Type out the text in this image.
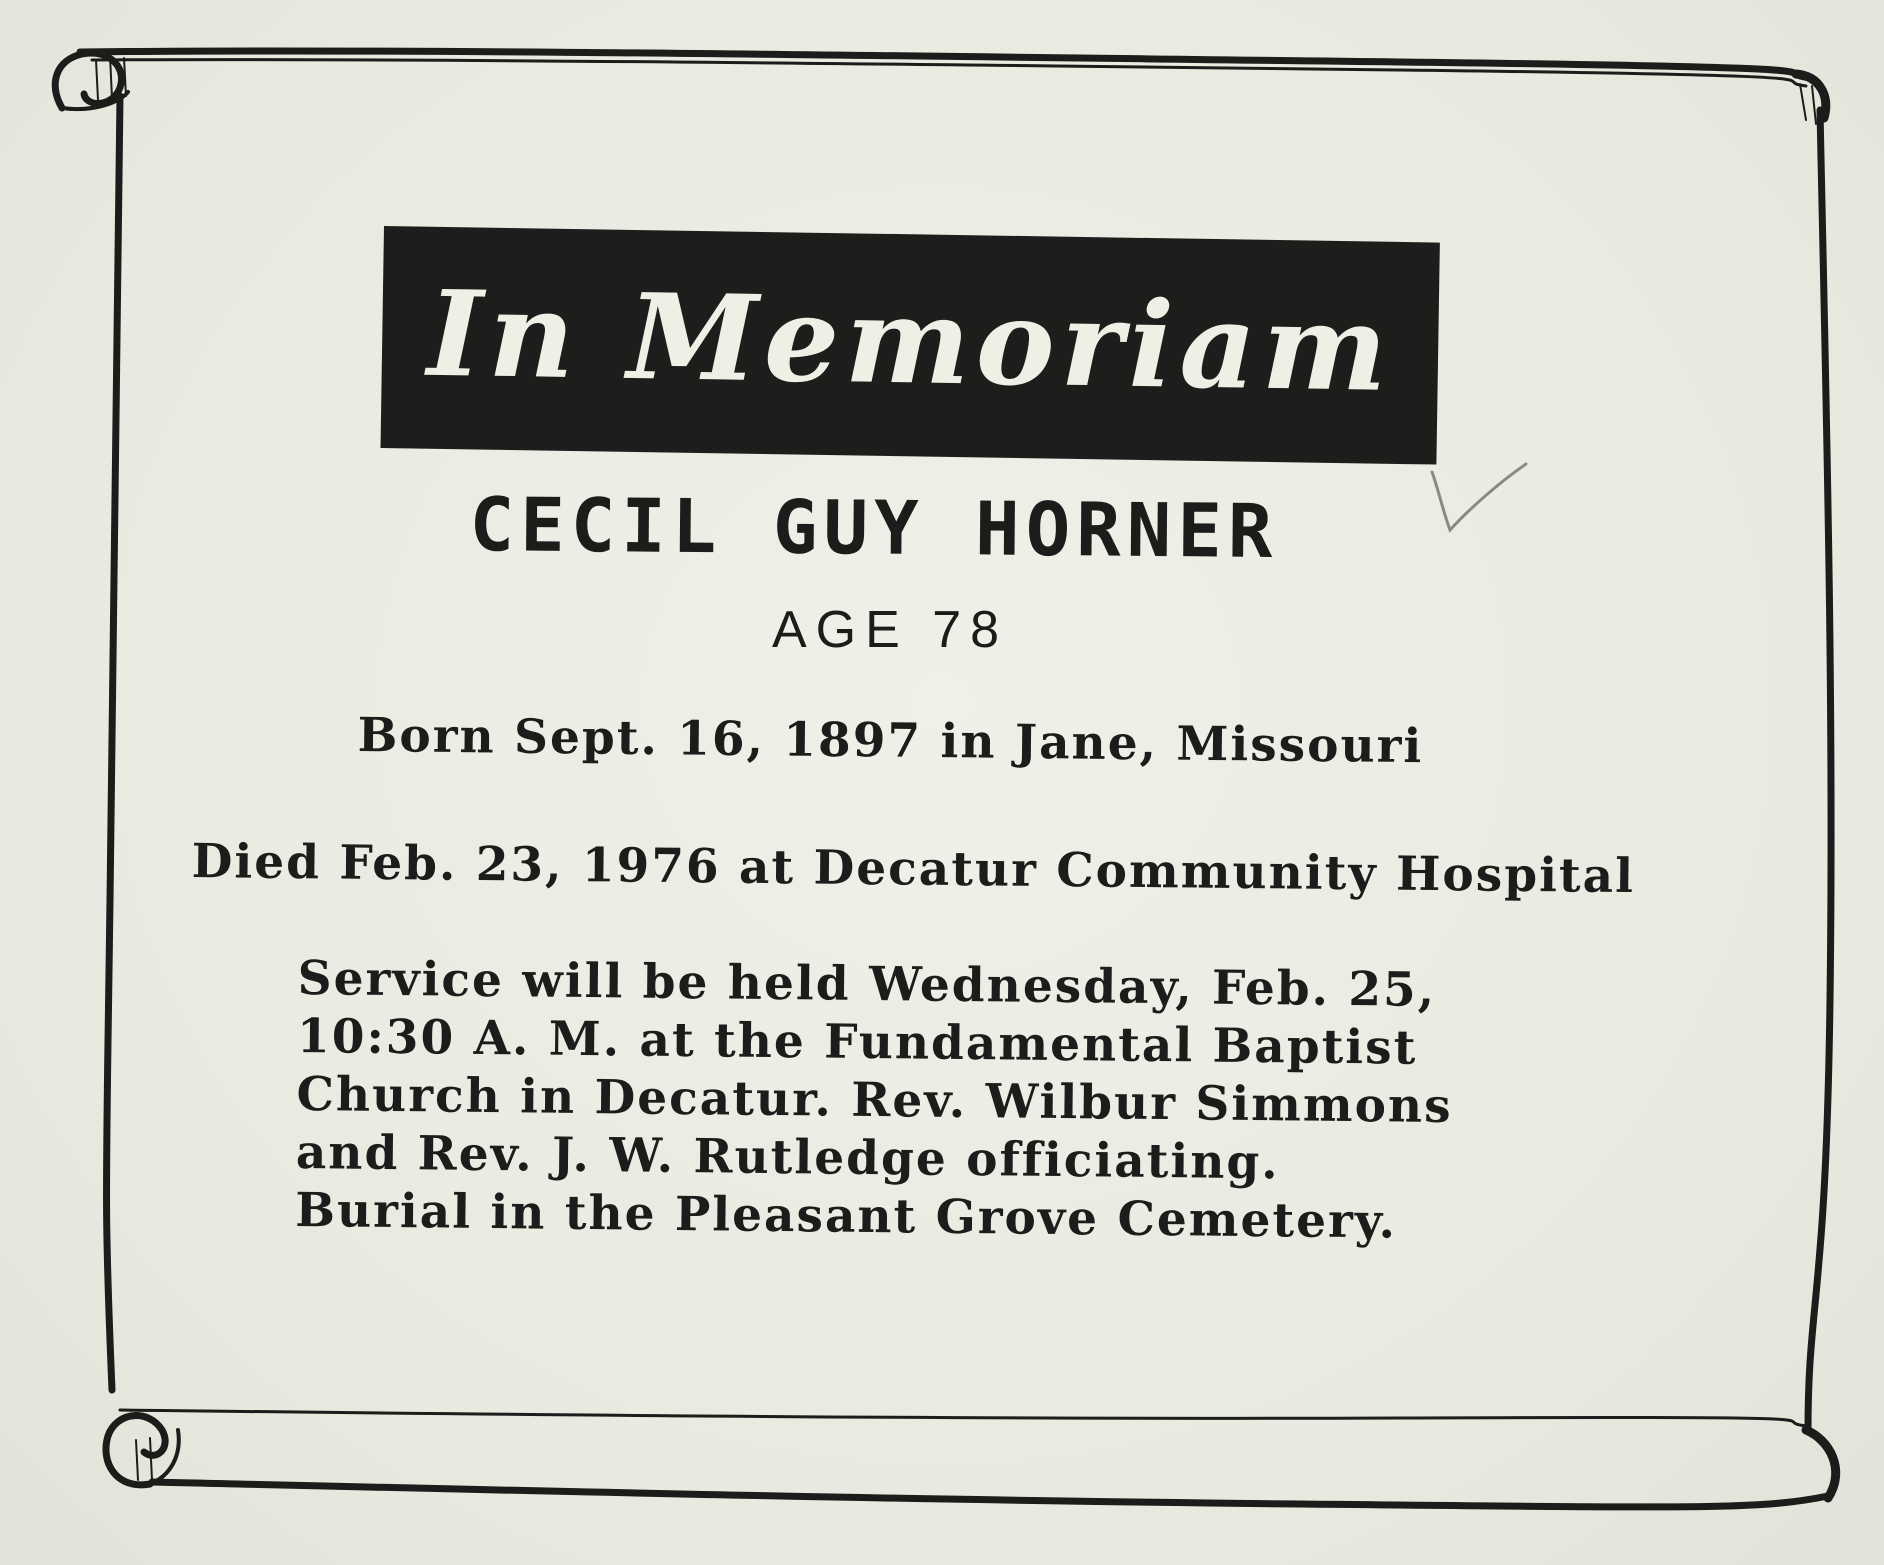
In Memoriam
CECIL GUY HORNER
AGE 78
Born Sept. 16, 1897 in Jane, Missouri
Died Feb. 23, 1976 at Decatur Community Hospital
Service will be held Wednesday, Feb. 25,
10:30 A. M. at the Fundamental Baptist
Church in Decatur. Rev. Wilbur Simmons
and Rev. J. W. Rutledge officiating.
Burial in the Pleasant Grove Cemetery.
